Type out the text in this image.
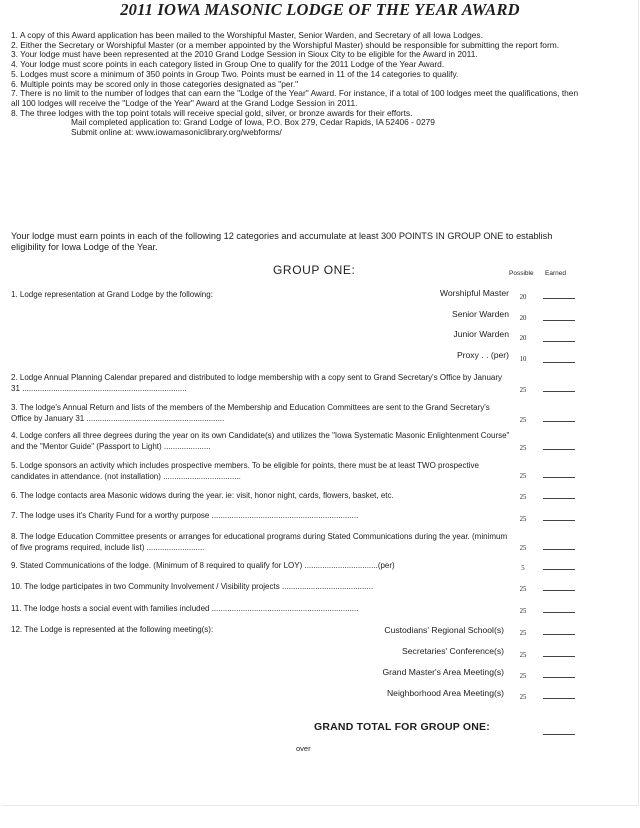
2011 IOWA MASONIC LODGE OF THE YEAR AWARD

1. A copy of this Award application has been mailed to the Worshipful Master, Senior Warden, and Secretary of all Iowa Lodges.

2. Either the Secretary or Worshipful Master (or a member appointed by the Worshipful Master) should be responsible for submitting the report form.

3. Your lodge must have been represented at the 2010 Grand Lodge Session in Sioux City to be eligible for the Award in 2011.

4. Your lodge must score points in each category listed in Group One to qualify for the 2011 Lodge of the Year Award.

5. Lodges must score a minimum of 350 points in Group Two. Points must be earned in 11 of the 14 categories to qualify.

6. Multiple points may be scored only in those categories designated as "per."

7. There is no limit to the number of lodges that can earn the "Lodge of the Year" Award. For instance, if a total of 100 lodges meet the qualifications, then all 100 lodges will receive the "Lodge of the Year" Award at the Grand Lodge Session in 2011.

8. The three lodges with the top point totals will receive special gold, silver, or bronze awards for their efforts.

Mail completed application to: Grand Lodge of Iowa, P.O. Box 279, Cedar Rapids, IA 52406 - 0279

Submit online at: www.iowamasoniclibrary.org/webforms/

Your lodge must earn points in each of the following 12 categories and accumulate at least 300 POINTS IN GROUP ONE to establish eligibility for Iowa Lodge of the Year.
GROUP ONE:	Possible Earned
1. Lodge representation at Grand Lodge by the following:	Worshipful Master	20
Senior Warden	20
Junior Warden	20
Proxy . . (per)	10
2. Lodge Annual Planning Calendar prepared and distributed to lodge membership with a copy sent to Grand Secretary's Office by January 31 ..........................................................................	25
3. The lodge's Annual Return and lists of the members of the Membership and Education Committees are sent to the Grand Secretary's Office by January 31 ..............................................................	25
4. Lodge confers all three degrees during the year on its own Candidate(s) and utilizes the "Iowa Systematic Masonic Enlightenment Course" and the "Mentor Guide" (Passport to Light) .....................	25
5. Lodge sponsors an activity which includes prospective members. To be eligible for points, there must be at least TWO prospective candidates in attendance. (not installation) ...................................	25
6. The lodge contacts area Masonic widows during the year. ie: visit, honor night, cards, flowers, basket, etc.	25
7. The lodge uses it's Charity Fund for a worthy purpose ..................................................................	25
8. The lodge Education Committee presents or arranges for educational programs during Stated Communications during the year. (minimum of five programs required, include list) ..........................	25
9. Stated Communications of the lodge. (Minimum of 8 required to qualify for LOY) .................................(per)	5
10. The lodge participates in two Community Involvement / Visibility projects .........................................	25
11. The lodge hosts a social event with families included ..................................................................	25
12. The Lodge is represented at the following meeting(s):	Custodians' Regional School(s)	25
Secretaries' Conference(s)	25
Grand Master's Area Meeting(s)	25
Neighborhood Area Meeting(s)	25
GRAND TOTAL FOR GROUP ONE:
over
